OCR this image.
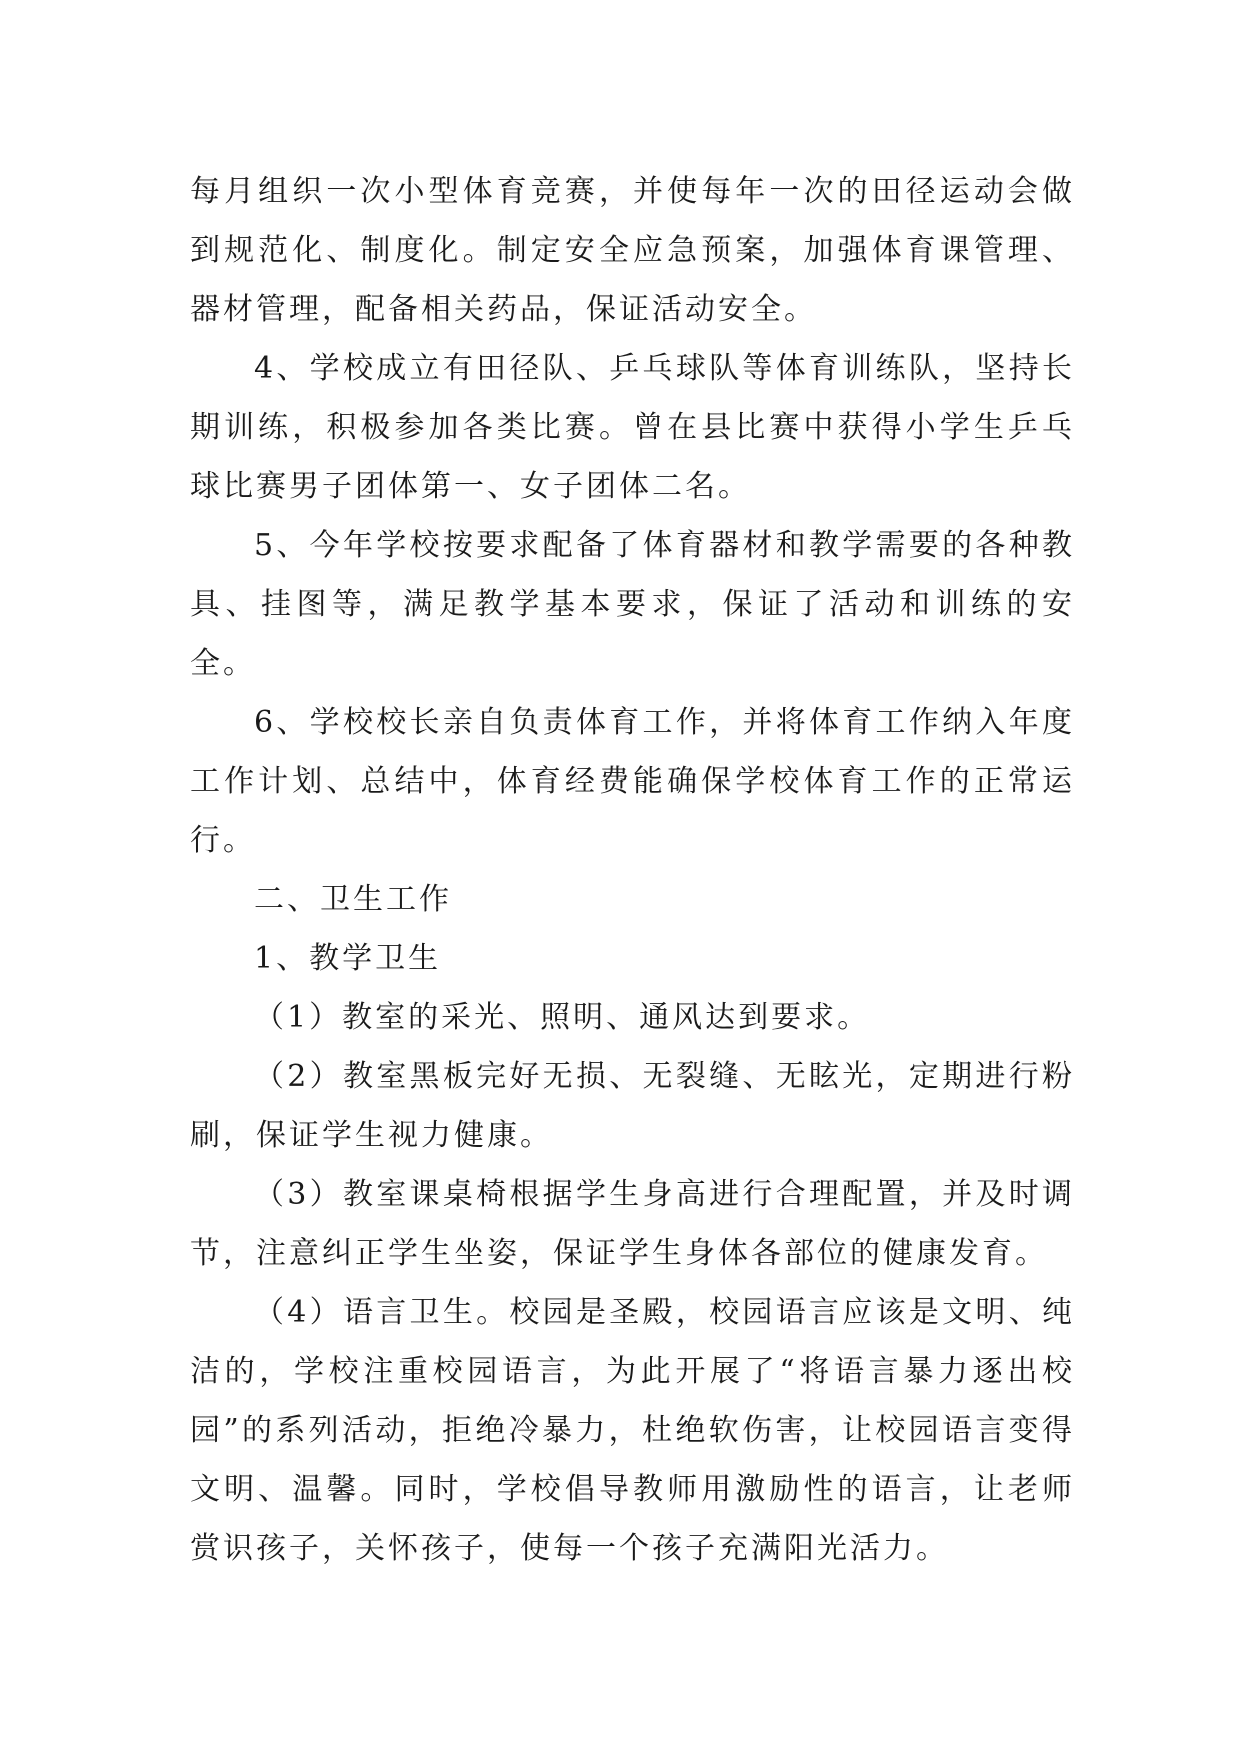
每月组织一次小型体育竞赛，并使每年一次的田径运动会做到规范化、制度化。制定安全应急预案，加强体育课管理、器材管理，配备相关药品，保证活动安全。

4、学校成立有田径队、乒乓球队等体育训练队，坚持长期训练，积极参加各类比赛。曾在县比赛中获得小学生乒乓球比赛男子团体第一、女子团体二名。

5、今年学校按要求配备了体育器材和教学需要的各种教具、挂图等，满足教学基本要求，保证了活动和训练的安全。

6、学校校长亲自负责体育工作，并将体育工作纳入年度工作计划、总结中，体育经费能确保学校体育工作的正常运行。

二、卫生工作

1、教学卫生

（1）教室的采光、照明、通风达到要求。

（2）教室黑板完好无损、无裂缝、无眩光，定期进行粉刷，保证学生视力健康。

（3）教室课桌椅根据学生身高进行合理配置，并及时调节，注意纠正学生坐姿，保证学生身体各部位的健康发育。

（4）语言卫生。校园是圣殿，校园语言应该是文明、纯洁的，学校注重校园语言，为此开展了“将语言暴力逐出校园”的系列活动，拒绝冷暴力，杜绝软伤害，让校园语言变得文明、温馨。同时，学校倡导教师用激励性的语言，让老师赏识孩子，关怀孩子，使每一个孩子充满阳光活力。
